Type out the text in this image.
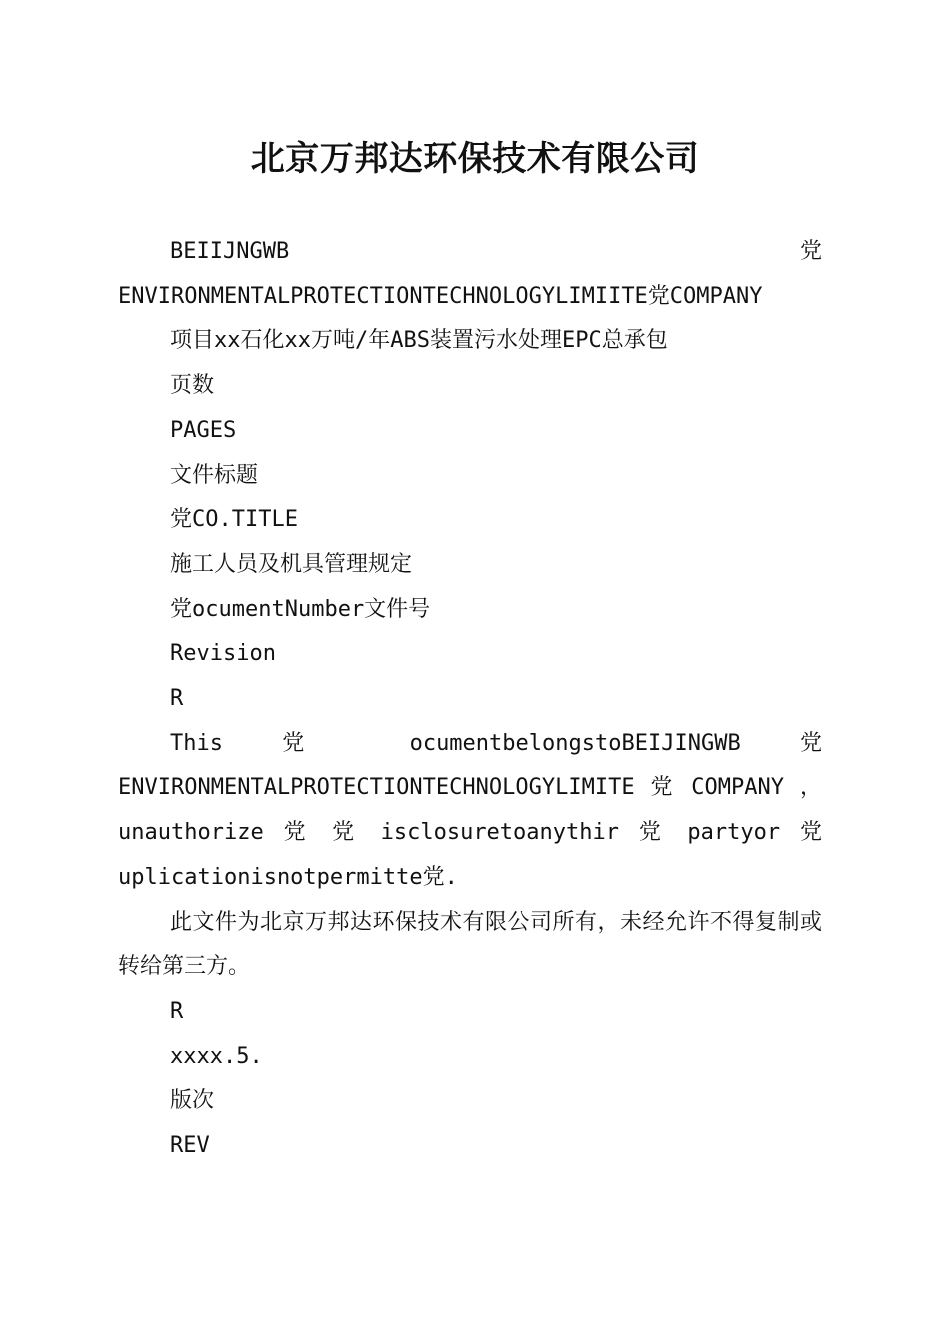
北京万邦达环保技术有限公司

BEIIJNGWB 党

ENVIRONMENTALPROTECTIONTECHNOLOGYLIMIITE党COMPANY

项目xx石化xx万吨/年ABS装置污水处理EPC总承包

页数

PAGES

文件标题

党CO.TITLE

施工人员及机具管理规定

党ocumentNumber文件号

Revision

R

This 党 ocumentbelongstoBEIJINGWB 党 ENVIRONMENTALPROTECTIONTECHNOLOGYLIMITE 党 COMPANY ， unauthorize 党 党 isclosuretoanythir 党 partyor 党 uplicationisnotpermitte党.

此文件为北京万邦达环保技术有限公司所有，未经允许不得复制或转给第三方。

R

xxxx.5.

版次

REV
